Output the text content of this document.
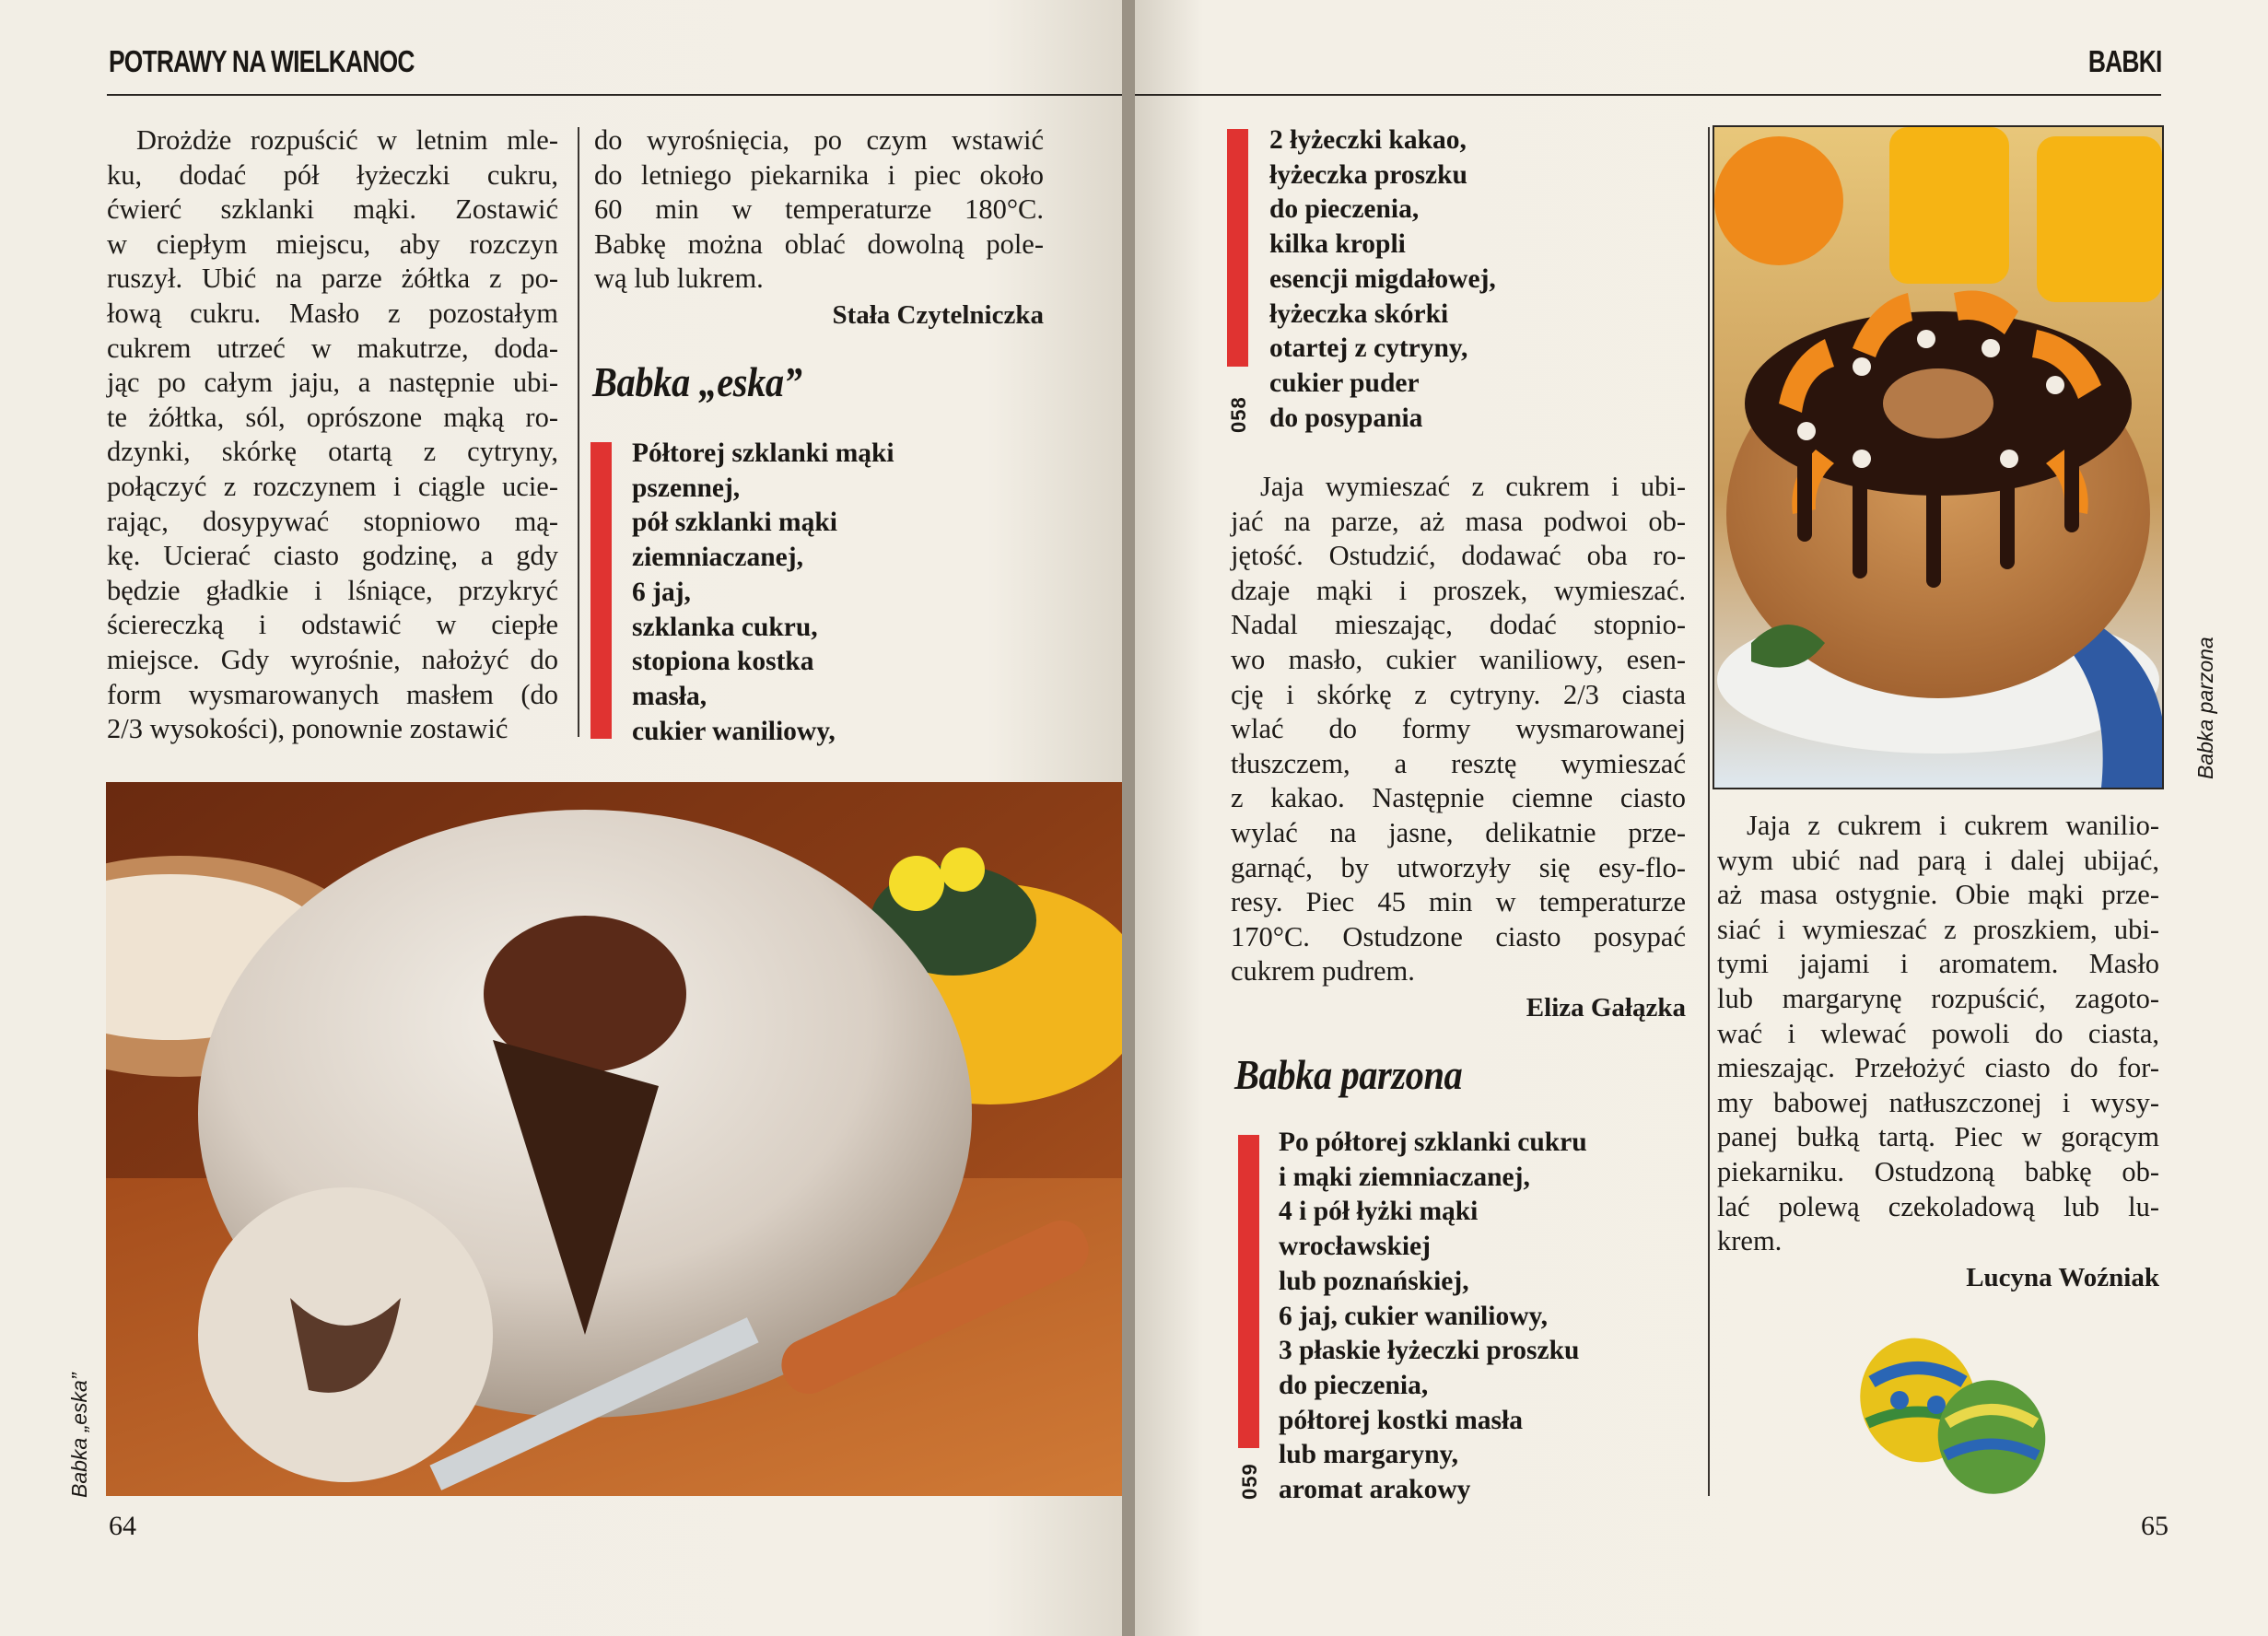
POTRAWY NA WIELKANOC

Drożdże rozpuścić w letnim mle-
ku, dodać pół łyżeczki cukru,
ćwierć szklanki mąki. Zostawić
w ciepłym miejscu, aby rozczyn
ruszył. Ubić na parze żółtka z po-
łową cukru. Masło z pozostałym
cukrem utrzeć w makutrze, doda-
jąc po całym jaju, a następnie ubi-
te żółtka, sól, oprószone mąką ro-
dzynki, skórkę otartą z cytryny,
połączyć z rozczynem i ciągle ucie-
rając, dosypywać stopniowo mą-
kę. Ucierać ciasto godzinę, a gdy
będzie gładkie i lśniące, przykryć
ściereczką i odstawić w ciepłe
miejsce. Gdy wyrośnie, nałożyć do
form wysmarowanych masłem (do
2/3 wysokości), ponownie zostawić

do wyrośnięcia, po czym wstawić
do letniego piekarnika i piec około
60 min w temperaturze 180°C.
Babkę można oblać dowolną pole-
wą lub lukrem.

Stała Czytelniczka
Babka „eska”
Półtorej szklanki mąki
pszennej,
pół szklanki mąki
ziemniaczanej,
6 jaj,
szklanka cukru,
stopiona kostka
masła,
cukier waniliowy,
Babka „eska”
64
BABKI
058
2 łyżeczki kakao,
łyżeczka proszku
do pieczenia,
kilka kropli
esencji migdałowej,
łyżeczka skórki
otartej z cytryny,
cukier puder
do posypania

Jaja wymieszać z cukrem i ubi-
jać na parze, aż masa podwoi ob-
jętość. Ostudzić, dodawać oba ro-
dzaje mąki i proszek, wymieszać.
Nadal mieszając, dodać stopnio-
wo masło, cukier waniliowy, esen-
cję i skórkę z cytryny. 2/3 ciasta
wlać do formy wysmarowanej
tłuszczem, a resztę wymieszać
z kakao. Następnie ciemne ciasto
wylać na jasne, delikatnie prze-
garnąć, by utworzyły się esy-flo-
resy. Piec 45 min w temperaturze
170°C. Ostudzone ciasto posypać
cukrem pudrem.

Eliza Gałązka
Babka parzona
059
Po półtorej szklanki cukru
i mąki ziemniaczanej,
4 i pół łyżki mąki
wrocławskiej
lub poznańskiej,
6 jaj, cukier waniliowy,
3 płaskie łyżeczki proszku
do pieczenia,
półtorej kostki masła
lub margaryny,
aromat arakowy
Babka parzona

Jaja z cukrem i cukrem wanilio-
wym ubić nad parą i dalej ubijać,
aż masa ostygnie. Obie mąki prze-
siać i wymieszać z proszkiem, ubi-
tymi jajami i aromatem. Masło
lub margarynę rozpuścić, zagoto-
wać i wlewać powoli do ciasta,
mieszając. Przełożyć ciasto do for-
my babowej natłuszczonej i wysy-
panej bułką tartą. Piec w gorącym
piekarniku. Ostudzoną babkę ob-
lać polewą czekoladową lub lu-
krem.

Lucyna Woźniak
65
